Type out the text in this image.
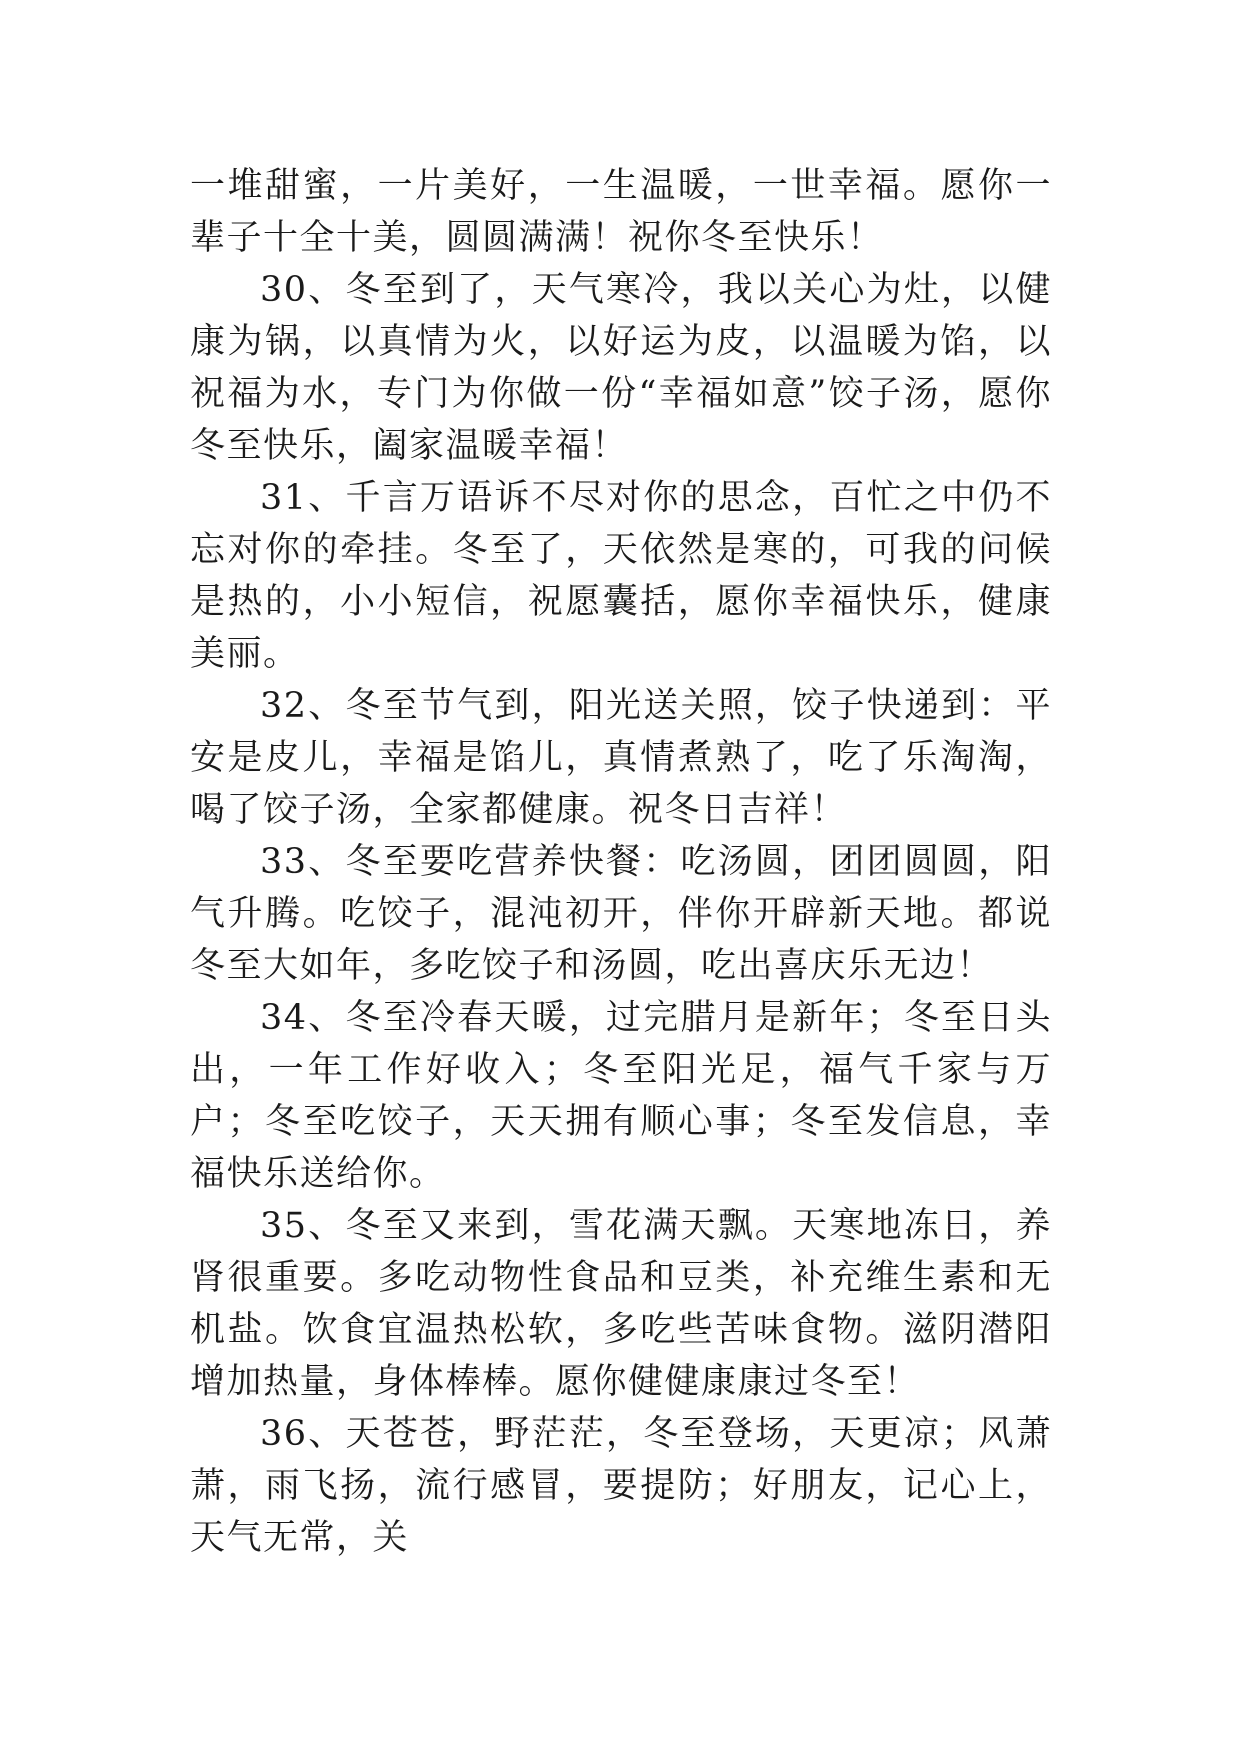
一堆甜蜜，一片美好，一生温暖，一世幸福。愿你一辈子十全十美，圆圆满满！祝你冬至快乐！

30、冬至到了，天气寒冷，我以关心为灶，以健康为锅，以真情为火，以好运为皮，以温暖为馅，以祝福为水，专门为你做一份“幸福如意”饺子汤，愿你冬至快乐，阖家温暖幸福！

31、千言万语诉不尽对你的思念，百忙之中仍不忘对你的牵挂。冬至了，天依然是寒的，可我的问候是热的，小小短信，祝愿囊括，愿你幸福快乐，健康美丽。

32、冬至节气到，阳光送关照，饺子快递到：平安是皮儿，幸福是馅儿，真情煮熟了，吃了乐淘淘，喝了饺子汤，全家都健康。祝冬日吉祥！

33、冬至要吃营养快餐：吃汤圆，团团圆圆，阳气升腾。吃饺子，混沌初开，伴你开辟新天地。都说冬至大如年，多吃饺子和汤圆，吃出喜庆乐无边！

34、冬至冷春天暖，过完腊月是新年；冬至日头出，一年工作好收入；冬至阳光足，福气千家与万户；冬至吃饺子，天天拥有顺心事；冬至发信息，幸福快乐送给你。

35、冬至又来到，雪花满天飘。天寒地冻日，养肾很重要。多吃动物性食品和豆类，补充维生素和无机盐。饮食宜温热松软，多吃些苦味食物。滋阴潜阳增加热量，身体棒棒。愿你健健康康过冬至！

36、天苍苍，野茫茫，冬至登场，天更凉；风萧萧，雨飞扬，流行感冒，要提防；好朋友，记心上，天气无常，关
